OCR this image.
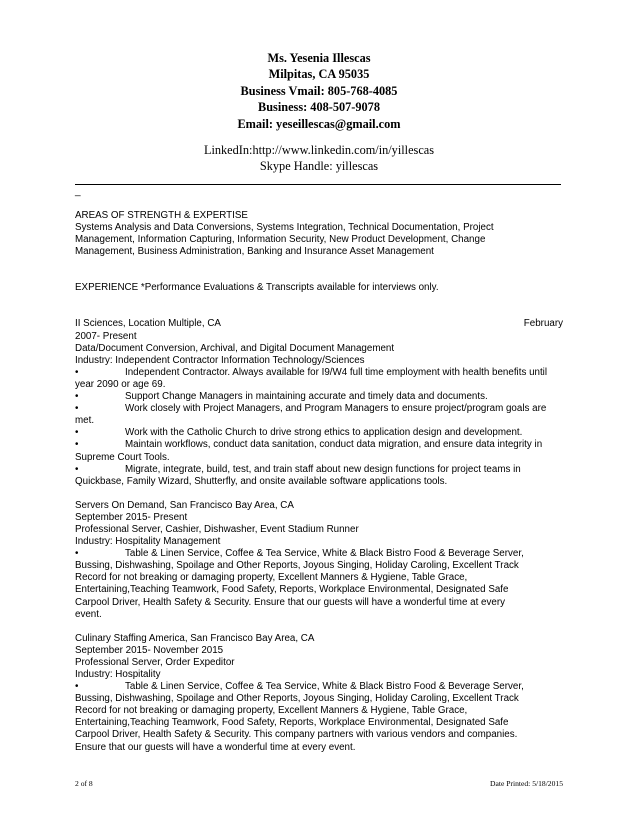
Ms. Yesenia Illescas
Milpitas, CA 95035
Business Vmail: 805-768-4085
Business: 408-507-9078
Email: yeseillescas@gmail.com
LinkedIn:http://www.linkedin.com/in/yillescas
Skype Handle: yillescas
_

AREAS OF STRENGTH & EXPERTISE

Systems Analysis and Data Conversions, Systems Integration, Technical Documentation, Project

Management, Information Capturing, Information Security, New Product Development, Change

Management, Business Administration, Banking and Insurance Asset Management

EXPERIENCE *Performance Evaluations & Transcripts available for interviews only.

II Sciences, Location Multiple, CA	February

2007- Present

Data/Document Conversion, Archival, and Digital Document Management

Industry: Independent Contractor Information Technology/Sciences

•	Independent Contractor. Always available for I9/W4 full time employment with health benefits until

year 2090 or age 69.

•	Support Change Managers in maintaining accurate and timely data and documents.

•	Work closely with Project Managers, and Program Managers to ensure project/program goals are

met.

•	Work with the Catholic Church to drive strong ethics to application design and development.

•	Maintain workflows, conduct data sanitation, conduct data migration, and ensure data integrity in

Supreme Court Tools.

•	Migrate, integrate, build, test, and train staff about new design functions for project teams in

Quickbase, Family Wizard, Shutterfly, and onsite available software applications tools.

Servers On Demand, San Francisco Bay Area, CA

September 2015- Present

Professional Server, Cashier, Dishwasher, Event Stadium Runner

Industry: Hospitality Management

•	Table & Linen Service, Coffee & Tea Service, White & Black Bistro Food & Beverage Server,

Bussing, Dishwashing, Spoilage and Other Reports, Joyous Singing, Holiday Caroling, Excellent Track

Record for not breaking or damaging property, Excellent Manners & Hygiene, Table Grace,

Entertaining,Teaching Teamwork, Food Safety, Reports, Workplace Environmental, Designated Safe

Carpool Driver, Health Safety & Security. Ensure that our guests will have a wonderful time at every

event.

Culinary Staffing America, San Francisco Bay Area, CA

September 2015- November 2015

Professional Server, Order Expeditor

Industry: Hospitality

•	Table & Linen Service, Coffee & Tea Service, White & Black Bistro Food & Beverage Server,

Bussing, Dishwashing, Spoilage and Other Reports, Joyous Singing, Holiday Caroling, Excellent Track

Record for not breaking or damaging property, Excellent Manners & Hygiene, Table Grace,

Entertaining,Teaching Teamwork, Food Safety, Reports, Workplace Environmental, Designated Safe

Carpool Driver, Health Safety & Security. This company partners with various vendors and companies.

Ensure that our guests will have a wonderful time at every event.

2 of 8	Date Printed: 5/18/2015
